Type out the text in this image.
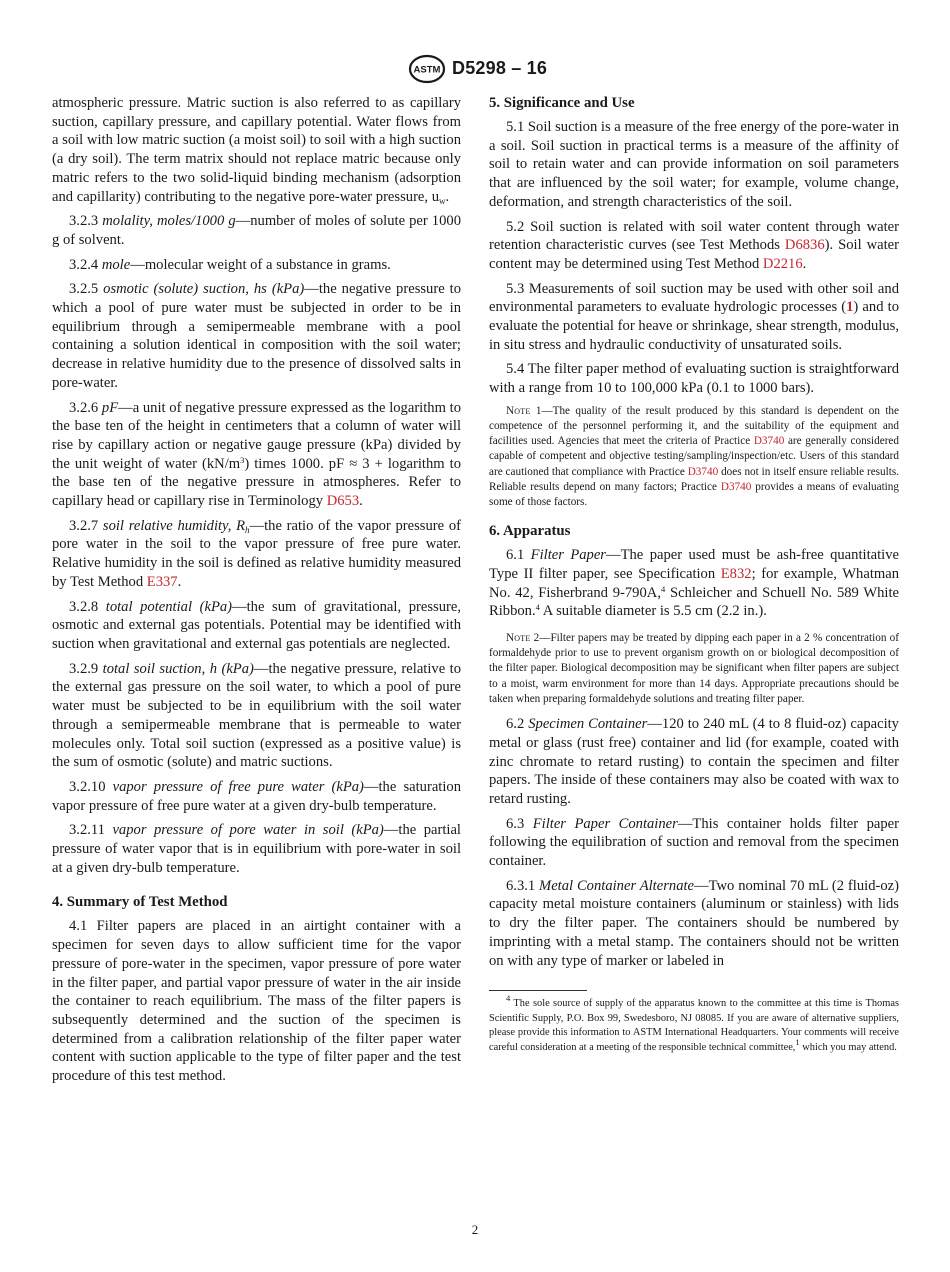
ASTM D5298 – 16

atmospheric pressure. Matric suction is also referred to as capillary suction, capillary pressure, and capillary potential. Water flows from a soil with low matric suction (a moist soil) to soil with a high suction (a dry soil). The term matrix should not replace matric because only matric refers to the two solid-liquid binding mechanism (adsorption and capillarity) contributing to the negative pore-water pressure, $u_w$.

3.2.3 molality, moles/1000 g—number of moles of solute per 1000 g of solvent.

3.2.4 mole—molecular weight of a substance in grams.

3.2.5 osmotic (solute) suction, hs (kPa)—the negative pressure to which a pool of pure water must be subjected in order to be in equilibrium through a semipermeable membrane with a pool containing a solution identical in composition with the soil water; decrease in relative humidity due to the presence of dissolved salts in pore-water.

3.2.6 pF—a unit of negative pressure expressed as the logarithm to the base ten of the height in centimeters that a column of water will rise by capillary action or negative gauge pressure (kPa) divided by the unit weight of water $(kN/m^3)$ times 1000. pF ≈ 3 + logarithm to the base ten of the negative pressure in atmospheres. Refer to capillary head or capillary rise in Terminology D653.

3.2.7 soil relative humidity, $R_h—the$ ratio of the vapor pressure of pore water in the soil to the vapor pressure of free pure water. Relative humidity in the soil is defined as relative humidity measured by Test Method E337.

3.2.8 total potential (kPa)—the sum of gravitational, pressure, osmotic and external gas potentials. Potential may be identified with suction when gravitational and external gas potentials are neglected.

3.2.9 total soil suction, h (kPa)—the negative pressure, relative to the external gas pressure on the soil water, to which a pool of pure water must be subjected to be in equilibrium with the soil water through a semipermeable membrane that is permeable to water molecules only. Total soil suction (expressed as a positive value) is the sum of osmotic (solute) and matric suctions.

3.2.10 vapor pressure of free pure water (kPa)—the saturation vapor pressure of free pure water at a given dry-bulb temperature.

3.2.11 vapor pressure of pore water in soil (kPa)—the partial pressure of water vapor that is in equilibrium with pore-water in soil at a given dry-bulb temperature.

4. Summary of Test Method

4.1 Filter papers are placed in an airtight container with a specimen for seven days to allow sufficient time for the vapor pressure of pore-water in the specimen, vapor pressure of pore water in the filter paper, and partial vapor pressure of water in the air inside the container to reach equilibrium. The mass of the filter papers is subsequently determined and the suction of the specimen is determined from a calibration relationship of the filter paper water content with suction applicable to the type of filter paper and the test procedure of this test method.

5. Significance and Use

5.1 Soil suction is a measure of the free energy of the pore-water in a soil. Soil suction in practical terms is a measure of the affinity of soil to retain water and can provide information on soil parameters that are influenced by the soil water; for example, volume change, deformation, and strength characteristics of the soil.

5.2 Soil suction is related with soil water content through water retention characteristic curves (see Test Methods D6836). Soil water content may be determined using Test Method D2216.

5.3 Measurements of soil suction may be used with other soil and environmental parameters to evaluate hydrologic processes (1) and to evaluate the potential for heave or shrinkage, shear strength, modulus, in situ stress and hydraulic conductivity of unsaturated soils.

5.4 The filter paper method of evaluating suction is straightforward with a range from 10 to 100,000 kPa (0.1 to 1000 bars).

Note 1—The quality of the result produced by this standard is dependent on the competence of the personnel performing it, and the suitability of the equipment and facilities used. Agencies that meet the criteria of Practice D3740 are generally considered capable of competent and objective testing/sampling/inspection/etc. Users of this standard are cautioned that compliance with Practice D3740 does not in itself ensure reliable results. Reliable results depend on many factors; Practice D3740 provides a means of evaluating some of those factors.

6. Apparatus

6.1 Filter Paper—The paper used must be ash-free quantitative Type II filter paper, see Specification E832; for example, Whatman No. 42, Fisherbrand 9-790A,$^4$ Schleicher and Schuell No. 589 White Ribbon.$^4$ A suitable diameter is 5.5 cm (2.2 in.).

Note 2—Filter papers may be treated by dipping each paper in a 2 % concentration of formaldehyde prior to use to prevent organism growth on or biological decomposition of the filter paper. Biological decomposition may be significant when filter papers are subject to a moist, warm environment for more than 14 days. Appropriate precautions should be taken when preparing formaldehyde solutions and treating filter paper.

6.2 Specimen Container—120 to 240 mL (4 to 8 fluid-oz) capacity metal or glass (rust free) container and lid (for example, coated with zinc chromate to retard rusting) to contain the specimen and filter papers. The inside of these containers may also be coated with wax to retard rusting.

6.3 Filter Paper Container—This container holds filter paper following the equilibration of suction and removal from the specimen container.

6.3.1 Metal Container Alternate—Two nominal 70 mL (2 fluid-oz) capacity metal moisture containers (aluminum or stainless) with lids to dry the filter paper. The containers should be numbered by imprinting with a metal stamp. The containers should not be written on with any type of marker or labeled in

$^4$ The sole source of supply of the apparatus known to the committee at this time is Thomas Scientific Supply, P.O. Box 99, Swedesboro, NJ 08085. If you are aware of alternative suppliers, please provide this information to ASTM International Headquarters. Your comments will receive careful consideration at a meeting of the responsible technical committee,$^1$ which you may attend.

2
